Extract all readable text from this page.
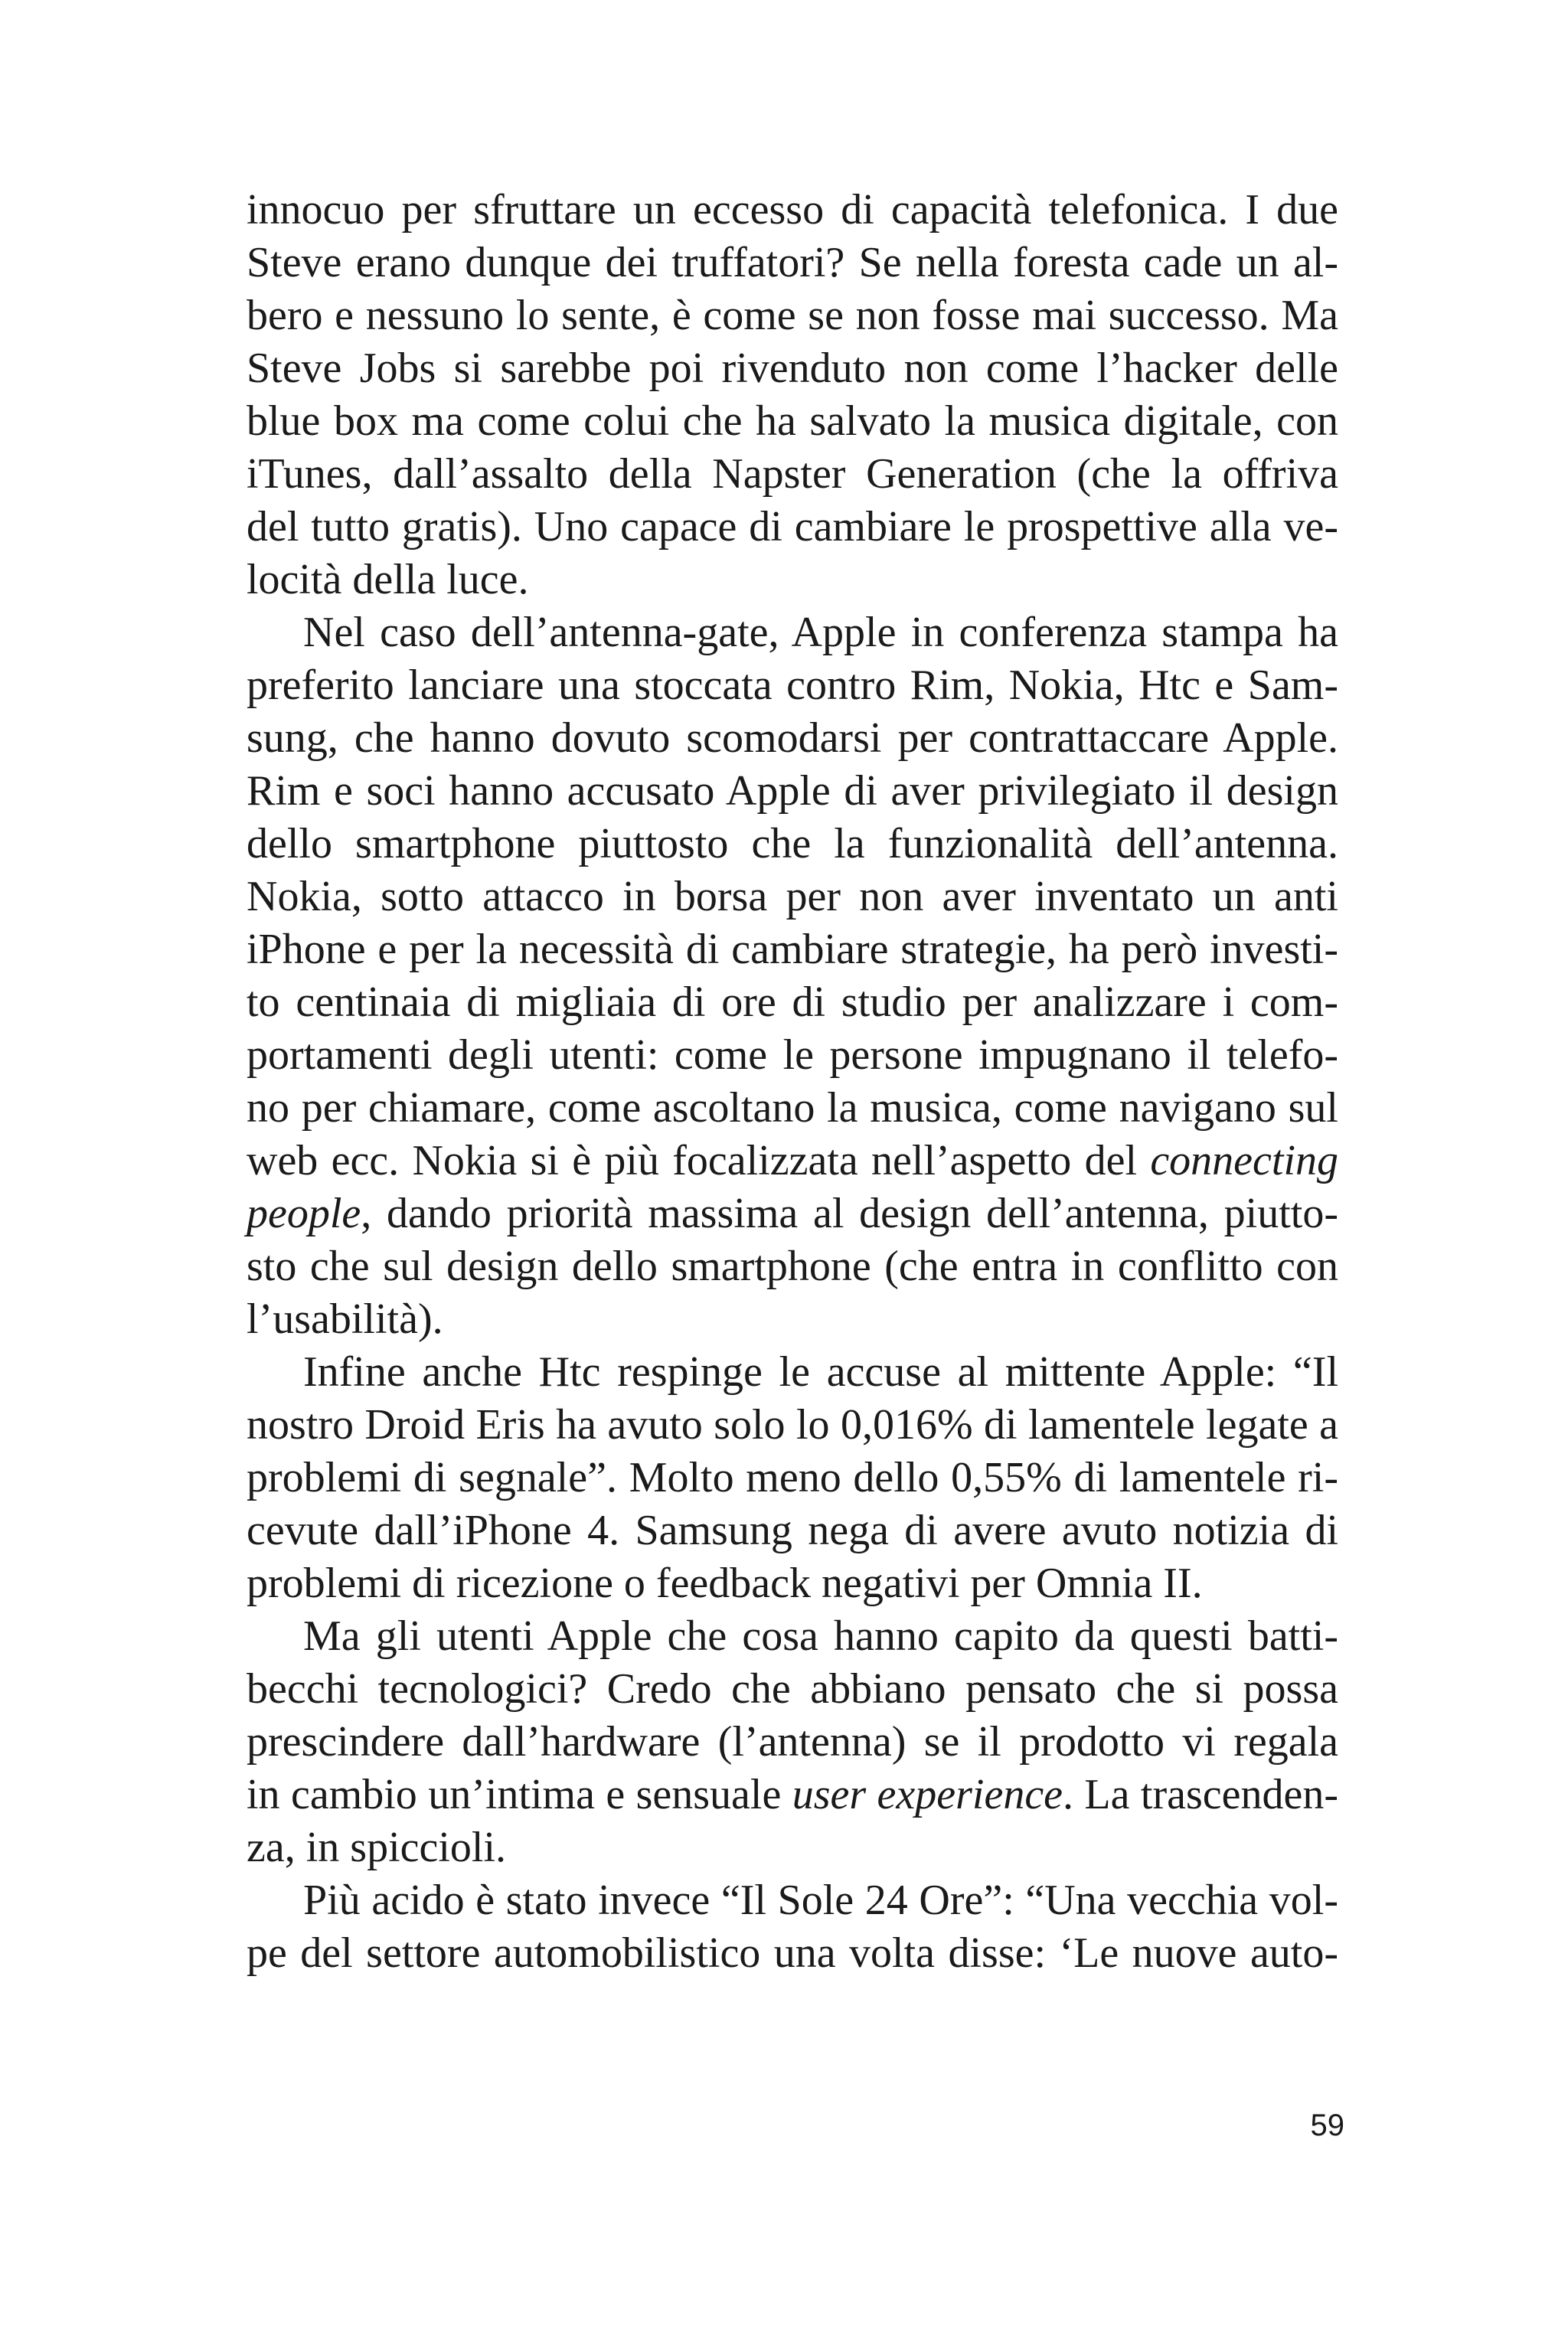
innocuo per sfruttare un eccesso di capacità telefonica. I due
Steve erano dunque dei truffatori? Se nella foresta cade un al-
bero e nessuno lo sente, è come se non fosse mai successo. Ma
Steve Jobs si sarebbe poi rivenduto non come l’hacker delle
blue box ma come colui che ha salvato la musica digitale, con
iTunes, dall’assalto della Napster Generation (che la offriva
del tutto gratis). Uno capace di cambiare le prospettive alla ve-
locità della luce.
Nel caso dell’antenna-gate, Apple in conferenza stampa ha
preferito lanciare una stoccata contro Rim, Nokia, Htc e Sam-
sung, che hanno dovuto scomodarsi per contrattaccare Apple.
Rim e soci hanno accusato Apple di aver privilegiato il design
dello smartphone piuttosto che la funzionalità dell’antenna.
Nokia, sotto attacco in borsa per non aver inventato un anti
iPhone e per la necessità di cambiare strategie, ha però investi-
to centinaia di migliaia di ore di studio per analizzare i com-
portamenti degli utenti: come le persone impugnano il telefo-
no per chiamare, come ascoltano la musica, come navigano sul
web ecc. Nokia si è più focalizzata nell’aspetto del connecting
people, dando priorità massima al design dell’antenna, piutto-
sto che sul design dello smartphone (che entra in conflitto con
l’usabilità).
Infine anche Htc respinge le accuse al mittente Apple: “Il
nostro Droid Eris ha avuto solo lo 0,016% di lamentele legate a
problemi di segnale”. Molto meno dello 0,55% di lamentele ri-
cevute dall’iPhone 4. Samsung nega di avere avuto notizia di
problemi di ricezione o feedback negativi per Omnia II.
Ma gli utenti Apple che cosa hanno capito da questi batti-
becchi tecnologici? Credo che abbiano pensato che si possa
prescindere dall’hardware (l’antenna) se il prodotto vi regala
in cambio un’intima e sensuale user experience. La trascenden-
za, in spiccioli.
Più acido è stato invece “Il Sole 24 Ore”: “Una vecchia vol-
pe del settore automobilistico una volta disse: ‘Le nuove auto-
59
